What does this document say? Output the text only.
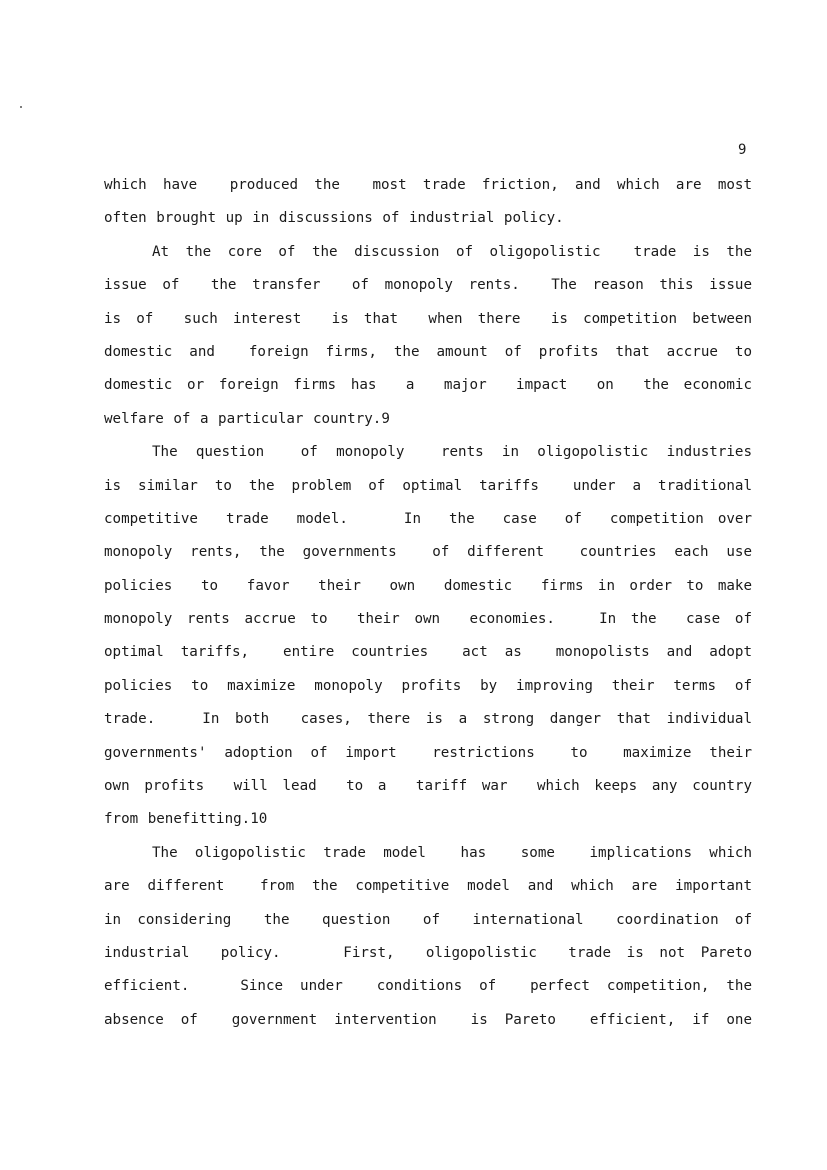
9
which have  produced the  most trade friction, and which are most
often brought up in discussions of industrial policy.
At the core of the discussion of oligopolistic  trade is the
issue of  the transfer  of monopoly rents.  The reason this issue
is of  such interest  is that  when there  is competition between
domestic and  foreign firms, the amount of profits that accrue to
domestic or foreign firms has  a  major  impact  on  the economic
welfare of a particular country.9
The question  of monopoly  rents in oligopolistic industries
is similar to the problem of optimal tariffs  under a traditional
competitive  trade  model.    In  the  case  of  competition over
monopoly rents, the governments  of different  countries each use
policies  to  favor  their  own  domestic  firms in order to make
monopoly rents accrue to  their own  economies.   In the  case of
optimal tariffs,  entire countries  act as  monopolists and adopt
policies to maximize monopoly profits by improving their terms of
trade.   In both  cases, there is a strong danger that individual
governments' adoption of import  restrictions  to  maximize their
own profits  will lead  to a  tariff war  which keeps any country
from benefitting.10
The oligopolistic trade model  has  some  implications which
are different  from the competitive model and which are important
in considering  the  question  of  international  coordination of
industrial  policy.    First,  oligopolistic  trade is not Pareto
efficient.   Since under  conditions of  perfect competition, the
absence of  government intervention  is Pareto  efficient, if one
